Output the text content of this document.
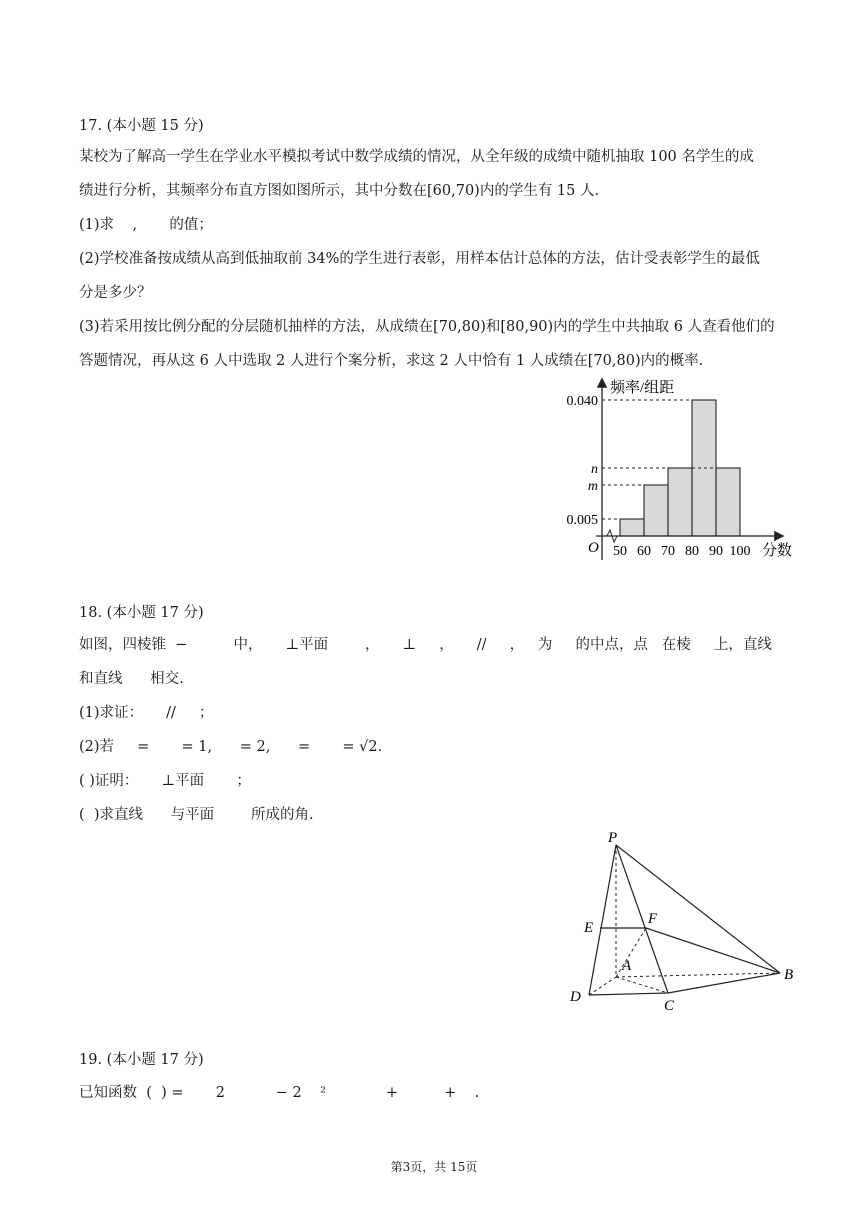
17. (本小题 15 分)
某校为了解高一学生在学业水平模拟考试中数学成绩的情况，从全年级的成绩中随机抽取 100 名学生的成
绩进行分析，其频率分布直方图如图所示，其中分数在[60,70)内的学生有 15 人.
(1)求    ,       的值；
(2)学校准备按成绩从高到低抽取前 34%的学生进行表彰，用样本估计总体的方法，估计受表彰学生的最低
分是多少？
(3)若采用按比例分配的分层随机抽样的方法，从成绩在[70,80)和[80,90)内的学生中共抽取 6 人查看他们的
答题情况，再从这 6 人中选取 2 人进行个案分析，求这 2 人中恰有 1 人成绩在[70,80)内的概率.
频率/组距
分数
O
0.040
n
m
0.005
50 60 70 80 90 100
18. (本小题 17 分)
如图，四棱锥  −          中，     ⊥平面        ，     ⊥     ，     //     ，   为     的中点，点   在棱     上，直线
和直线      相交.
(1)求证：     //     ；
(2)若     =       = 1,      = 2,      =       = √2.
( )证明：     ⊥平面       ；
(  )求直线      与平面        所成的角.
P
E
F
A
D
C
B
19. (本小题 17 分)
已知函数  (  ) =       2           − 2    ²             +          +    .
第3页，共 15页
